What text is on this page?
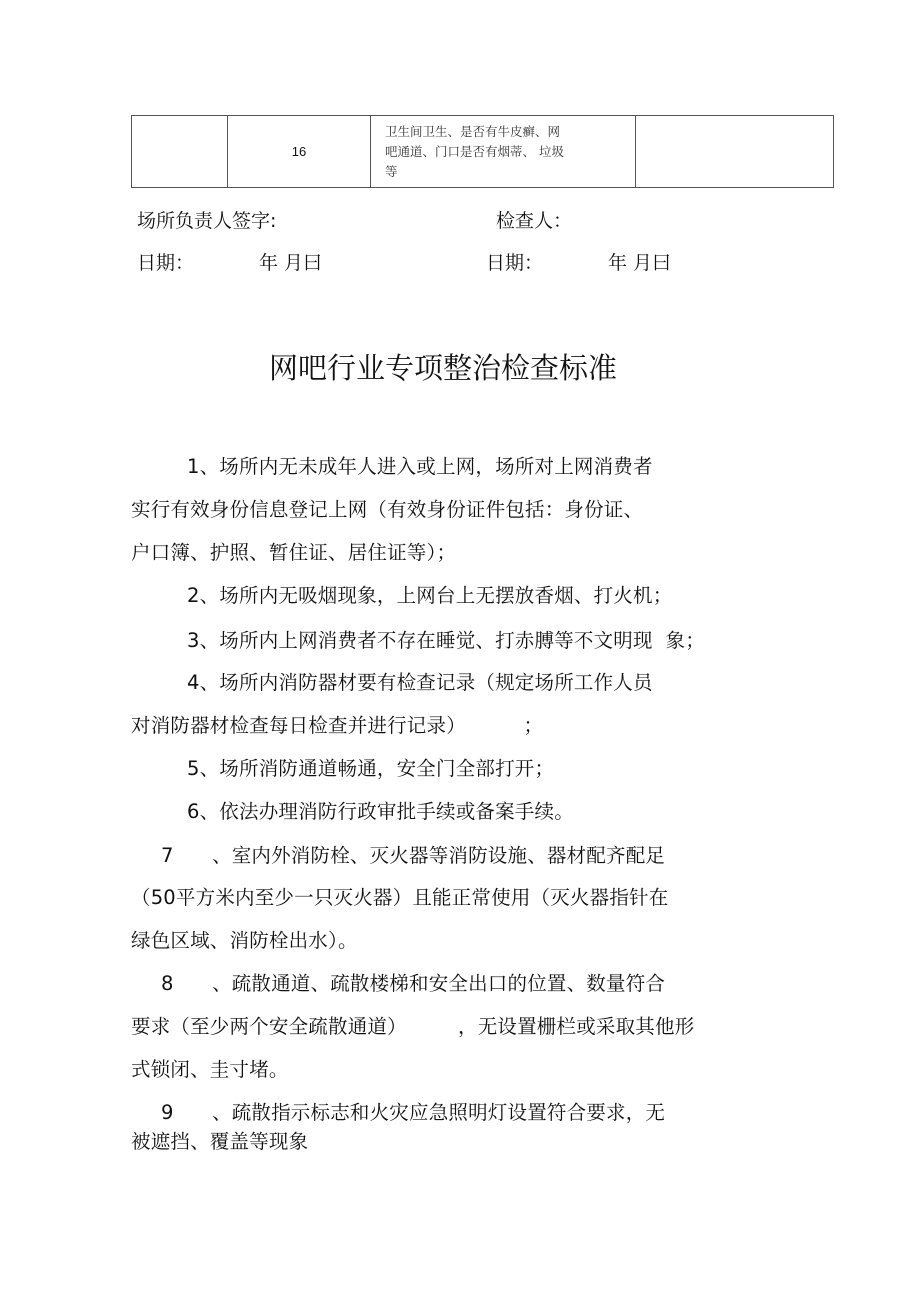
	16	
卫生间卫生、是否有牛皮癣、网
吧通道、门口是否有烟蒂、 垃圾
等

场所负责人签字:	检查人：
日期：	年 月曰	日期：	年 月曰
网吧行业专项整治检查标准
1、场所内无未成年人进入或上网，场所对上网消费者
实行有效身份信息登记上网（有效身份证件包括：身份证、
户口簿、护照、暂住证、居住证等）；
2、场所内无吸烟现象，上网台上无摆放香烟、打火机；
3、场所内上网消费者不存在睡觉、打赤膊等不文明现  象；
4、场所内消防器材要有检查记录（规定场所工作人员
对消防器材检查每日检查并进行记录）         ；
5、场所消防通道畅通，安全门全部打开；
6、依法办理消防行政审批手续或备案手续。
7      、室内外消防栓、灭火器等消防设施、器材配齐配足
（50平方米内至少一只灭火器）且能正常使用（灭火器指针在
绿色区域、消防栓出水）。
8      、疏散通道、疏散楼梯和安全出口的位置、数量符合
要求（至少两个安全疏散通道）        ，无设置栅栏或采取其他形
式锁闭、圭寸堵。
9      、疏散指示标志和火灾应急照明灯设置符合要求，无
被遮挡、覆盖等现象
